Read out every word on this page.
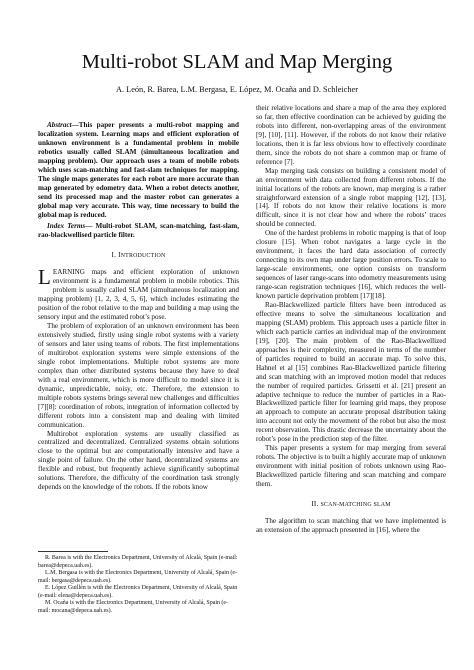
Multi-robot SLAM and Map Merging
A. León, R. Barea, L.M. Bergasa, E. López, M. Ocaña and D. Schleicher

Abstract—This paper presents a multi-robot mapping and localization system. Learning maps and efficient exploration of unknown environment is a fundamental problem in mobile robotics usually called SLAM (simultaneous localization and mapping problem). Our approach uses a team of mobile robots which uses scan-matching and fast-slam techniques for mapping. The single maps generates for each robot are more accurate than map generated by odometry data. When a robot detects another, send its processed map and the master robot can generates a global map very accurate. This way, time necessary to build the global map is reduced.

Index Terms— Multi-robot SLAM, scan-matching, fast-slam, rao-blackwellised particle filter.

I. INTRODUCTION

LEARNING maps and efficient exploration of unknown environment is a fundamental problem in mobile robotics. This problem is usually called SLAM (simultaneous localization and mapping problem) [1, 2, 3, 4, 5, 6], which includes estimating the position of the robot relative to the map and building a map using the sensory input and the estimated robot’s pose.

The problem of exploration of an unknown environment has been extensively studied, firstly using single robot systems with a variety of sensors and later using teams of robots. The first implementations of multirobot exploration systems were simple extensions of the single robot implementations. Multiple robot systems are more complex than other distributed systems because they have to deal with a real environment, which is more difficult to model since it is dynamic, unpredictable, noisy, etc. Therefore, the extension to multiple robots systems brings several new challenges and difficulties [7][8]: coordination of robots, integration of information collected by different robots into a consistent map and dealing with limited communication.

Multirobot exploration systems are usually classified as centralized and decentralized. Centralized systems obtain solutions close to the optimal but are computationally intensive and have a single point of failure. On the other hand, decentralized systems are flexible and robust, but frequently achieve significantly suboptimal solutions. Therefore, the difficulty of the coordination task strongly depends on the knowledge of the robots. If the robots know

R. Barea is with the Electronics Department, University of Alcalá, Spain (e-mail: barea@depeca.uah.es).

L.M. Bergasa is with the Electronics Department, University of Alcalá, Spain (e-mail: bergasa@depeca.uah.es).

E. López Guillén is with the Electronics Department, University of Alcalá, Spain (e-mail: elena@depeca.uah.es).

M. Ocaña is with the Electronics Department, University of Alcalá, Spain (e-mail: mocana@depeca.uah.es).

their relative locations and share a map of the area they explored so far, then effective coordination can be achieved by guiding the robots into different, non-overlapping areas of the environment [9], [10], [11]. However, if the robots do not know their relative locations, then it is far less obvious how to effectively coordinate them, since the robots do not share a common map or frame of reference [7].

Map merging task consists on building a consistent model of an environment with data collected from different robots. If the initial locations of the robots are known, map merging is a rather straightforward extension of a single robot mapping [12], [13], [14]. If robots do not know their relative locations is more difficult, since it is not clear how and where the robots’ traces should be connected.

One of the hardest problems in robotic mapping is that of loop closure [15]. When robot navigates a large cycle in the environment, it faces the hard data association of correctly connecting to its own map under large position errors. To scale to large-scale environments, one option consists on transform sequences of laser range-scans into odometry measurements using range-scan registration techniques [16], which reduces the well-known particle deprivation problem [17][18].

Rao-Blackwellized particle filters have been introduced as effective means to solve the simultaneous localization and mapping (SLAM) problem. This approach uses a particle filter in which each particle carries an individual map of the environment [19], [20]. The main problem of the Rao-Blackwellized approaches is their complexity, measured in terms of the number of particles required to build an accurate map. To solve this, Hahnel et al [15] combines Rao-Blackwellized particle filtering and scan matching with an improved motion model that reduces the number of required particles. Grissetti et al. [21] present an adaptive technique to reduce the number of particles in a Rao-Blackwellized particle filter for learning grid maps, they propose an approach to compute an accurate proposal distribution taking into account not only the movement of the robot but also the most recent observation. This drastic decrease the uncertainty about the robot’s pose in the prediction step of the filter.

This paper presents a system for map merging from several robots. The objective is to built a highly accurate map of unknown environment with initial position of robots unknown using Rao-Blackwellized particle filtering and scan matching and compare them.

II. SCAN-MATCHING SLAM

The algorithm to scan matching that we have implemented is an extension of the approach presented in [16], where the
